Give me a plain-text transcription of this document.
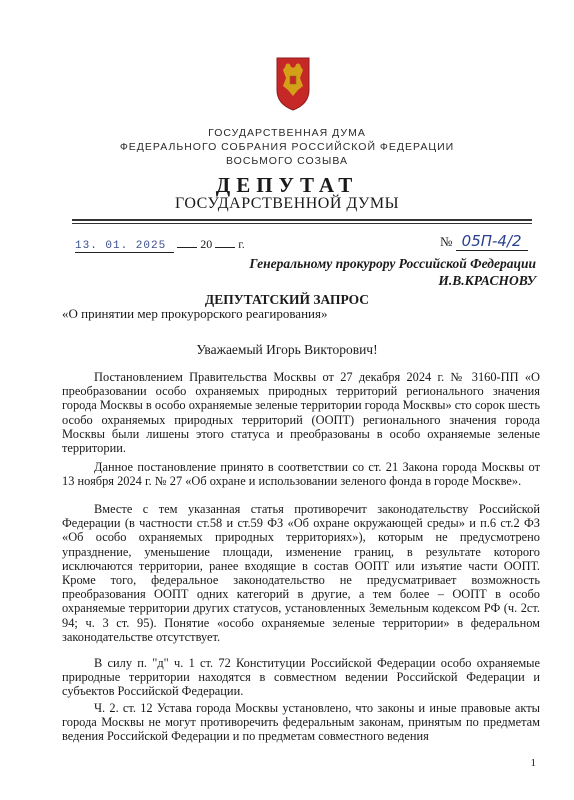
ГОСУДАРСТВЕННАЯ ДУМА
ФЕДЕРАЛЬНОГО СОБРАНИЯ РОССИЙСКОЙ ФЕДЕРАЦИИ
ВОСЬМОГО СОЗЫВА
ДЕПУТАТ
ГОСУДАРСТВЕННОЙ ДУМЫ
13. 01. 2025	20 г.	№ 05П-4/2
Генеральному прокурору Российской Федерации
И.В.КРАСНОВУ
ДЕПУТАТСКИЙ ЗАПРОС
«О принятии мер прокурорского реагирования»
Уважаемый Игорь Викторович!
Постановлением Правительства Москвы от 27 декабря 2024 г. № 3160-ПП «О преобразовании особо охраняемых природных территорий регионального значения города Москвы в особо охраняемые зеленые территории города Москвы» сто сорок шесть особо охраняемых природных территорий (ООПТ) регионального значения города Москвы были лишены этого статуса и преобразованы в особо охраняемые зеленые территории.
Данное постановление принято в соответствии со ст. 21 Закона города Москвы от 13 ноября 2024 г. № 27 «Об охране и использовании зеленого фонда в городе Москве».
Вместе с тем указанная статья противоречит законодательству Российской Федерации (в частности ст.58 и ст.59 ФЗ «Об охране окружающей среды» и п.6 ст.2 ФЗ «Об особо охраняемых природных территориях»), которым не предусмотрено упразднение, уменьшение площади, изменение границ, в результате которого исключаются территории, ранее входящие в состав ООПТ или изъятие части ООПТ. Кроме того, федеральное законодательство не предусматривает возможность преобразования ООПТ одних категорий в другие, а тем более – ООПТ в особо охраняемые территории других статусов, установленных Земельным кодексом РФ (ч. 2ст. 94; ч. 3 ст. 95). Понятие «особо охраняемые зеленые территории» в федеральном законодательстве отсутствует.
В силу п. "д" ч. 1 ст. 72 Конституции Российской Федерации особо охраняемые природные территории находятся в совместном ведении Российской Федерации и субъектов Российской Федерации.
Ч. 2. ст. 12 Устава города Москвы установлено, что законы и иные правовые акты города Москвы не могут противоречить федеральным законам, принятым по предметам ведения Российской Федерации и по предметам совместного ведения
1
